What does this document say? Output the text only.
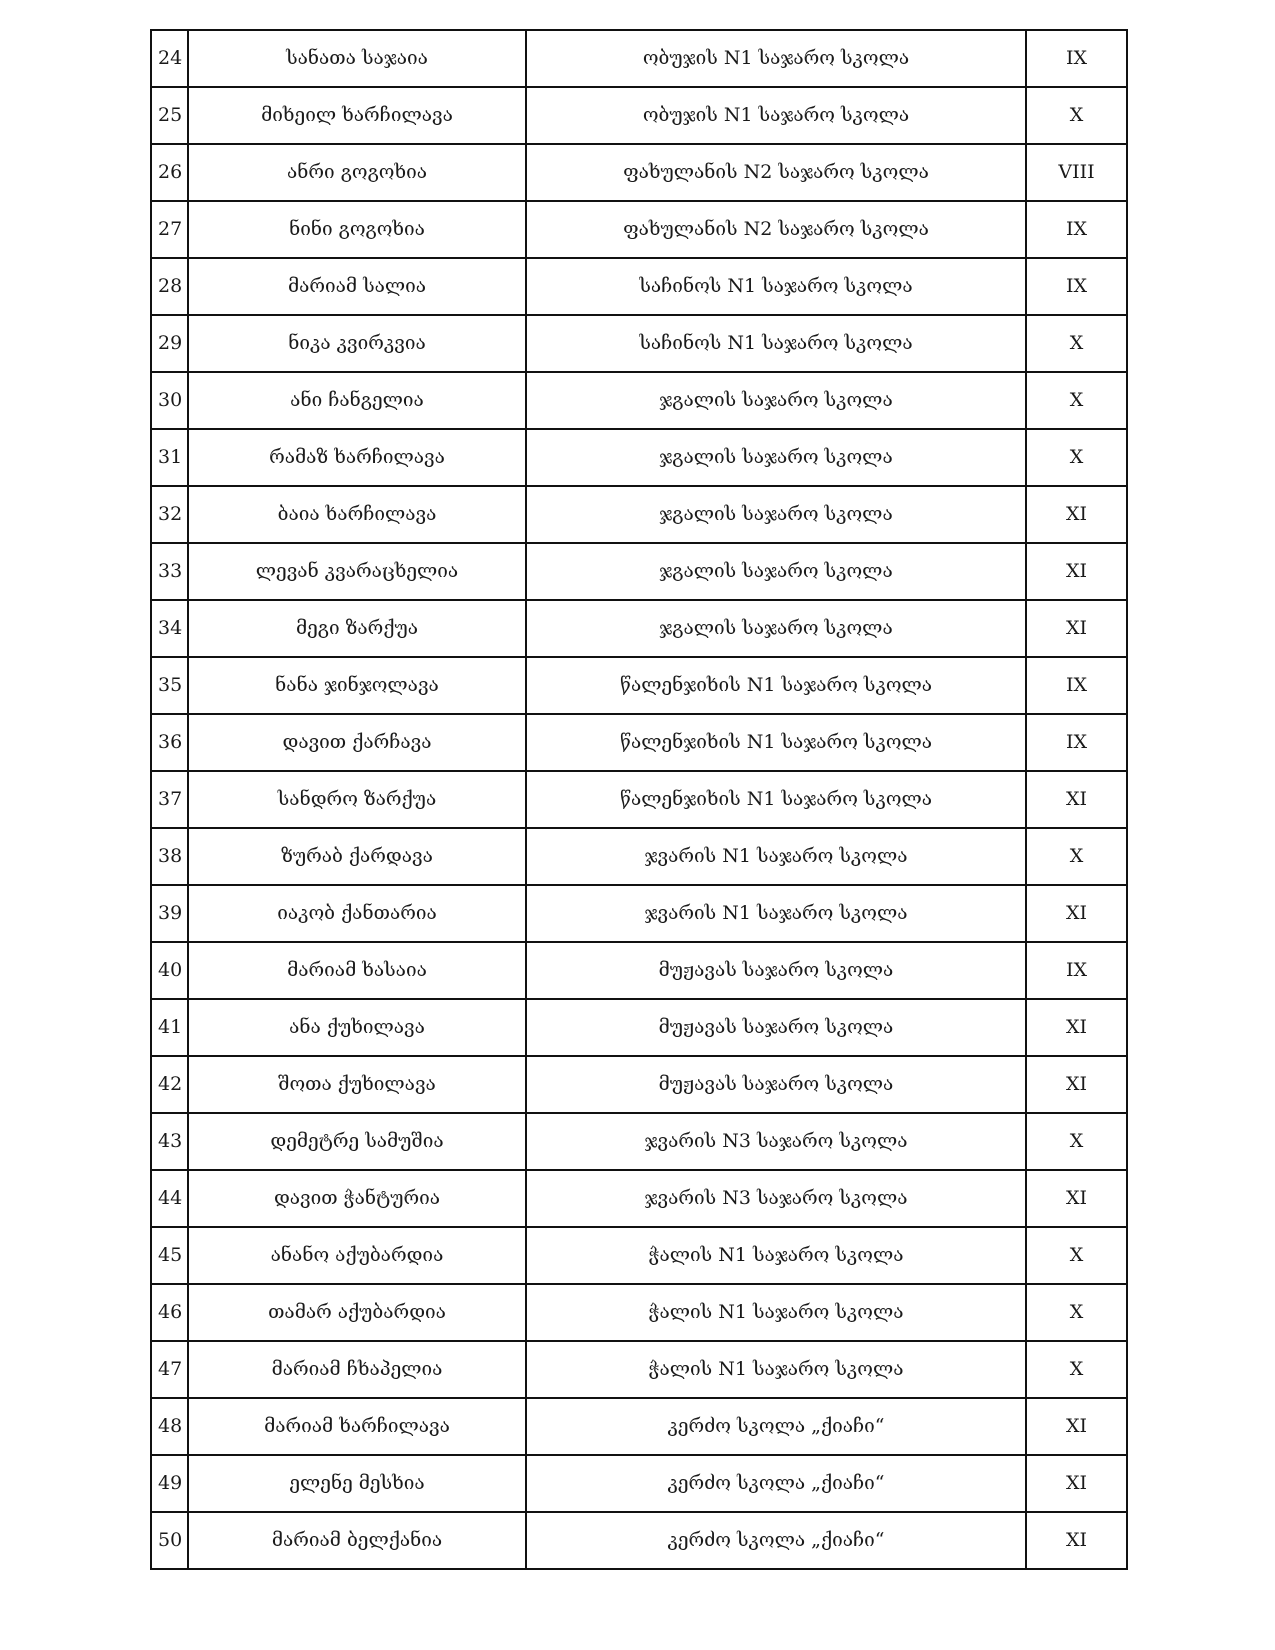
24	სანათა საჯაია	ობუჯის N1 საჯარო სკოლა	IX
25	მიხეილ ხარჩილავა	ობუჯის N1 საჯარო სკოლა	X
26	ანრი გოგოხია	ფახულანის N2 საჯარო სკოლა	VIII
27	ნინი გოგოხია	ფახულანის N2 საჯარო სკოლა	IX
28	მარიამ სალია	საჩინოს N1 საჯარო სკოლა	IX
29	ნიკა კვირკვია	საჩინოს N1 საჯარო სკოლა	X
30	ანი ჩანგელია	ჯგალის საჯარო სკოლა	X
31	რამაზ ხარჩილავა	ჯგალის საჯარო სკოლა	X
32	ბაია ხარჩილავა	ჯგალის საჯარო სკოლა	XI
33	ლევან კვარაცხელია	ჯგალის საჯარო სკოლა	XI
34	მეგი ზარქუა	ჯგალის საჯარო სკოლა	XI
35	ნანა ჯინჯოლავა	წალენჯიხის N1 საჯარო სკოლა	IX
36	დავით ქარჩავა	წალენჯიხის N1 საჯარო სკოლა	IX
37	სანდრო ზარქუა	წალენჯიხის N1 საჯარო სკოლა	XI
38	ზურაბ ქარდავა	ჯვარის N1 საჯარო სკოლა	X
39	იაკობ ქანთარია	ჯვარის N1 საჯარო სკოლა	XI
40	მარიამ ხასაია	მუჟავას საჯარო სკოლა	IX
41	ანა ქუხილავა	მუჟავას საჯარო სკოლა	XI
42	შოთა ქუხილავა	მუჟავას საჯარო სკოლა	XI
43	დემეტრე სამუშია	ჯვარის N3 საჯარო სკოლა	X
44	დავით ჭანტურია	ჯვარის N3 საჯარო სკოლა	XI
45	ანანო აქუბარდია	ჭალის N1 საჯარო სკოლა	X
46	თამარ აქუბარდია	ჭალის N1 საჯარო სკოლა	X
47	მარიამ ჩხაპელია	ჭალის N1 საჯარო სკოლა	X
48	მარიამ ხარჩილავა	კერძო სკოლა „ქიაჩი“	XI
49	ელენე მესხია	კერძო სკოლა „ქიაჩი“	XI
50	მარიამ ბელქანია	კერძო სკოლა „ქიაჩი“	XI
